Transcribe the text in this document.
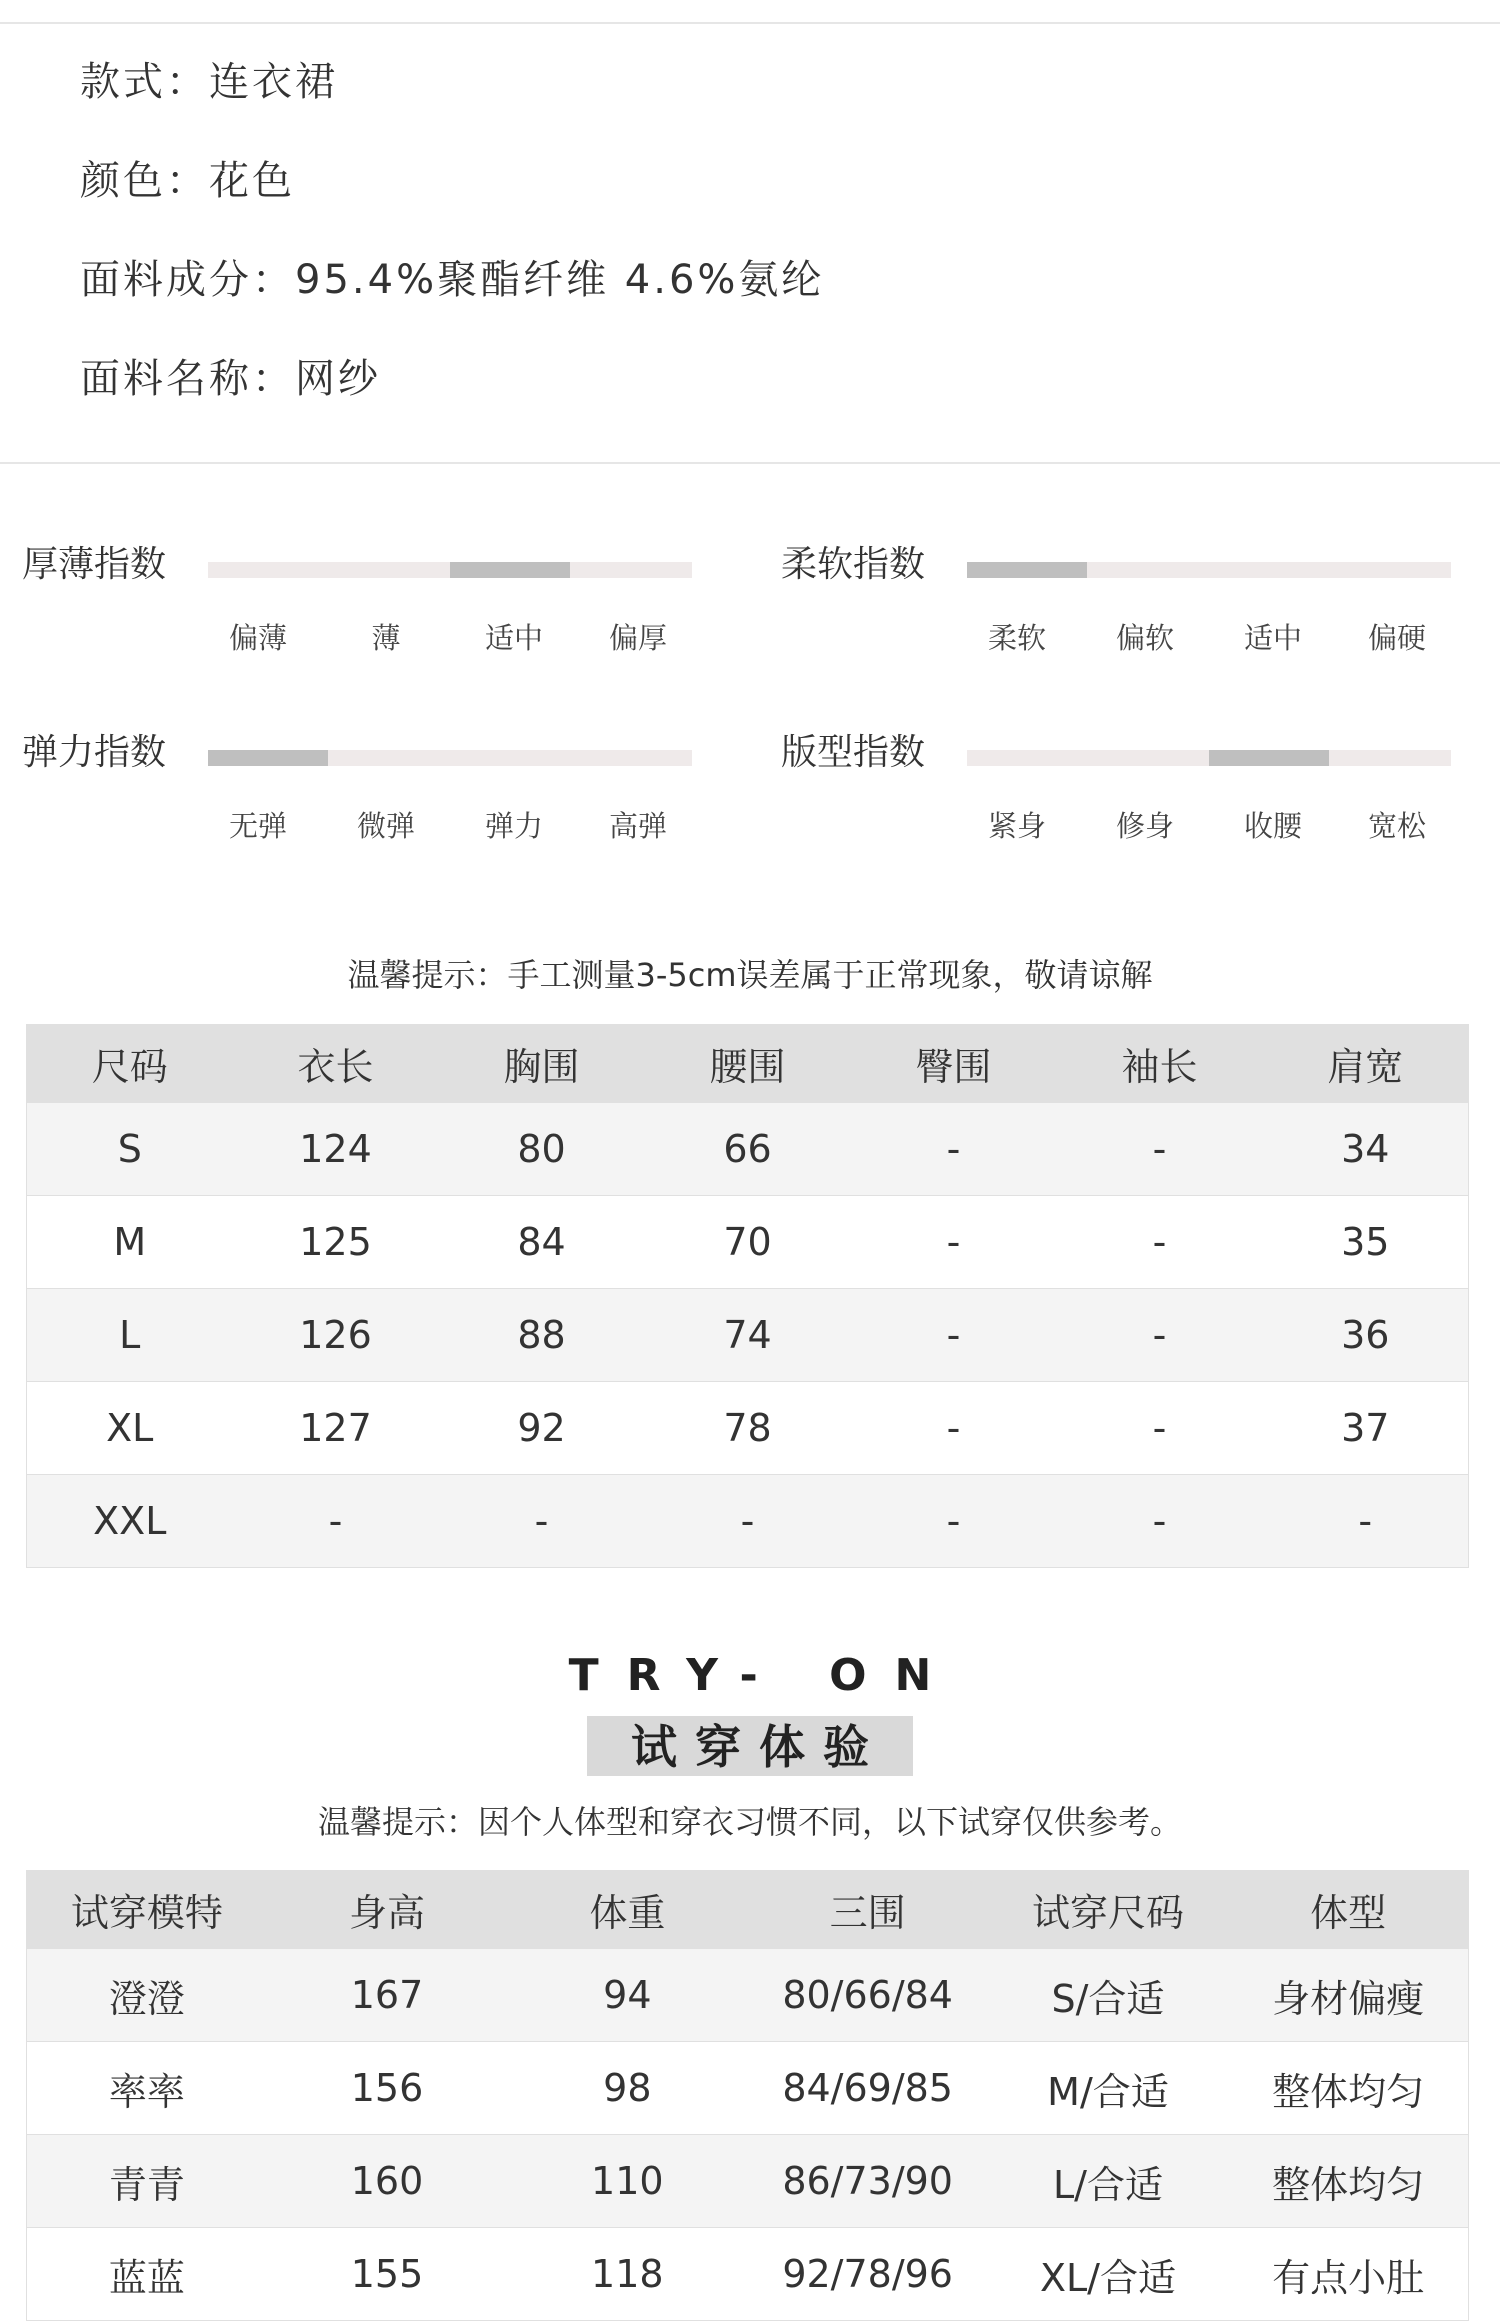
款式： 连衣裙
颜色： 花色
面料成分： 95.4%聚酯纤维 4.6%氨纶
面料名称： 网纱
厚薄指数
偏薄	薄	适中 偏厚
柔软指数
柔软 偏软 适中 偏硬
弹力指数
无弹 微弹 弹力 高弹
版型指数
紧身 修身 收腰 宽松
温馨提示：手工测量3-5cm误差属于正常现象，敬请谅解
尺码	衣长	胸围	腰围	臀围	袖长	肩宽
S	124	80	66	-	-	34
M	125	84	70	-	-	35
L	126	88	74	-	-	36
XL	127	92	78	-	-	37
XXL	-	-	-	-	-	-
TRY- ON
试穿体验
温馨提示：因个人体型和穿衣习惯不同，以下试穿仅供参考。
试穿模特	身高	体重	三围	试穿尺码	体型
澄澄	167	94	80/66/84	S/合适	身材偏瘦
率率	156	98	84/69/85	M/合适	整体均匀
青青	160	110	86/73/90	L/合适	整体均匀
蓝蓝	155	118	92/78/96	XL/合适	有点小肚
